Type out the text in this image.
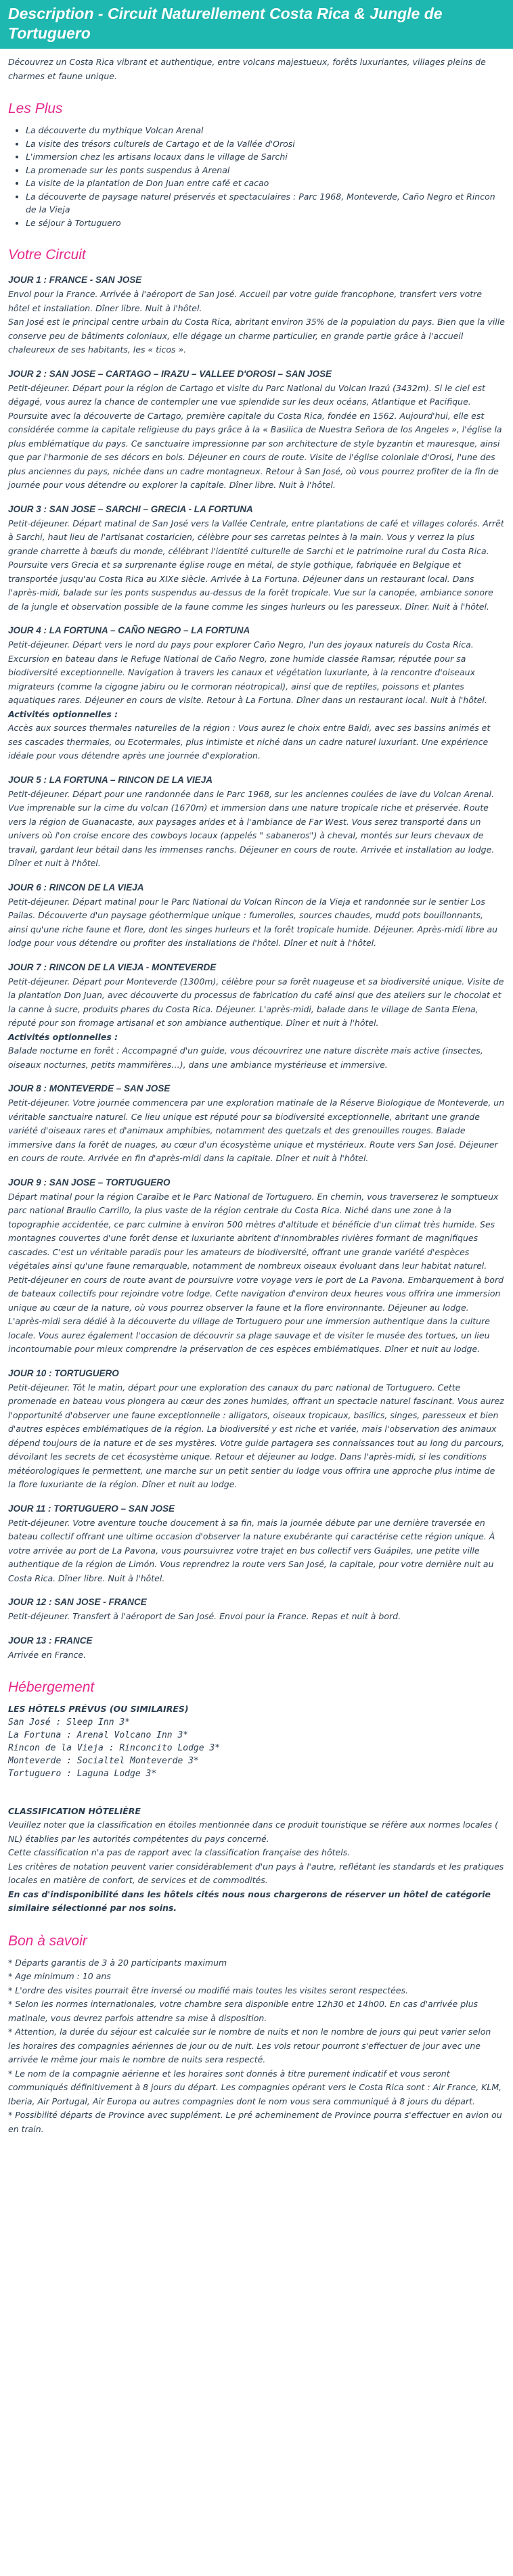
Description - Circuit Naturellement Costa Rica & Jungle de Tortuguero

Découvrez un Costa Rica vibrant et authentique, entre volcans majestueux, forêts luxuriantes, villages pleins de charmes et faune unique.

Les Plus
• La découverte du mythique Volcan Arenal
• La visite des trésors culturels de Cartago et de la Vallée d'Orosi
• L'immersion chez les artisans locaux dans le village de Sarchi
• La promenade sur les ponts suspendus à Arenal
• La visite de la plantation de Don Juan entre café et cacao
• La découverte de paysage naturel préservés et spectaculaires : Parc 1968, Monteverde, Caño Negro et Rincon de la Vieja
• Le séjour à Tortuguero
Votre Circuit
JOUR 1 : FRANCE - SAN JOSE

Envol pour la France. Arrivée à l'aéroport de San José. Accueil par votre guide francophone, transfert vers votre hôtel et installation. Dîner libre. Nuit à l'hôtel.

San José est le principal centre urbain du Costa Rica, abritant environ 35% de la population du pays. Bien que la ville conserve peu de bâtiments coloniaux, elle dégage un charme particulier, en grande partie grâce à l'accueil chaleureux de ses habitants, les « ticos ».

JOUR 2 : SAN JOSE – CARTAGO – IRAZU – VALLEE D'OROSI – SAN JOSE

Petit-déjeuner. Départ pour la région de Cartago et visite du Parc National du Volcan Irazú (3432m). Si le ciel est dégagé, vous aurez la chance de contempler une vue splendide sur les deux océans, Atlantique et Pacifique. Poursuite avec la découverte de Cartago, première capitale du Costa Rica, fondée en 1562. Aujourd'hui, elle est considérée comme la capitale religieuse du pays grâce à la « Basilica de Nuestra Señora de los Angeles », l'église la plus emblématique du pays. Ce sanctuaire impressionne par son architecture de style byzantin et mauresque, ainsi que par l'harmonie de ses décors en bois. Déjeuner en cours de route. Visite de l'église coloniale d'Orosi, l'une des plus anciennes du pays, nichée dans un cadre montagneux. Retour à San José, où vous pourrez profiter de la fin de journée pour vous détendre ou explorer la capitale. Dîner libre. Nuit à l'hôtel.

JOUR 3 : SAN JOSE – SARCHI – GRECIA - LA FORTUNA

Petit-déjeuner. Départ matinal de San José vers la Vallée Centrale, entre plantations de café et villages colorés. Arrêt à Sarchi, haut lieu de l'artisanat costaricien, célèbre pour ses carretas peintes à la main. Vous y verrez la plus grande charrette à bœufs du monde, célébrant l'identité culturelle de Sarchi et le patrimoine rural du Costa Rica. Poursuite vers Grecia et sa surprenante église rouge en métal, de style gothique, fabriquée en Belgique et transportée jusqu'au Costa Rica au XIXe siècle. Arrivée à La Fortuna. Déjeuner dans un restaurant local. Dans l'après-midi, balade sur les ponts suspendus au-dessus de la forêt tropicale. Vue sur la canopée, ambiance sonore de la jungle et observation possible de la faune comme les singes hurleurs ou les paresseux. Dîner. Nuit à l'hôtel.

JOUR 4 : LA FORTUNA – CAÑO NEGRO – LA FORTUNA

Petit-déjeuner. Départ vers le nord du pays pour explorer Caño Negro, l'un des joyaux naturels du Costa Rica. Excursion en bateau dans le Refuge National de Caño Negro, zone humide classée Ramsar, réputée pour sa biodiversité exceptionnelle. Navigation à travers les canaux et végétation luxuriante, à la rencontre d'oiseaux migrateurs (comme la cigogne jabiru ou le cormoran néotropical), ainsi que de reptiles, poissons et plantes aquatiques rares. Déjeuner en cours de visite. Retour à La Fortuna. Dîner dans un restaurant local. Nuit à l'hôtel.

Activités optionnelles :

Accès aux sources thermales naturelles de la région : Vous aurez le choix entre Baldi, avec ses bassins animés et ses cascades thermales, ou Ecotermales, plus intimiste et niché dans un cadre naturel luxuriant. Une expérience idéale pour vous détendre après une journée d'exploration.

JOUR 5 : LA FORTUNA – RINCON DE LA VIEJA

Petit-déjeuner. Départ pour une randonnée dans le Parc 1968, sur les anciennes coulées de lave du Volcan Arenal. Vue imprenable sur la cime du volcan (1670m) et immersion dans une nature tropicale riche et préservée. Route vers la région de Guanacaste, aux paysages arides et à l'ambiance de Far West. Vous serez transporté dans un univers où l'on croise encore des cowboys locaux (appelés " sabaneros") à cheval, montés sur leurs chevaux de travail, gardant leur bétail dans les immenses ranchs. Déjeuner en cours de route. Arrivée et installation au lodge. Dîner et nuit à l'hôtel.

JOUR 6 : RINCON DE LA VIEJA

Petit-déjeuner. Départ matinal pour le Parc National du Volcan Rincon de la Vieja et randonnée sur le sentier Los Pailas. Découverte d'un paysage géothermique unique : fumerolles, sources chaudes, mudd pots bouillonnants, ainsi qu'une riche faune et flore, dont les singes hurleurs et la forêt tropicale humide. Déjeuner. Après-midi libre au lodge pour vous détendre ou profiter des installations de l'hôtel. Dîner et nuit à l'hôtel.

JOUR 7 : RINCON DE LA VIEJA - MONTEVERDE

Petit-déjeuner. Départ pour Monteverde (1300m), célèbre pour sa forêt nuageuse et sa biodiversité unique. Visite de la plantation Don Juan, avec découverte du processus de fabrication du café ainsi que des ateliers sur le chocolat et la canne à sucre, produits phares du Costa Rica. Déjeuner. L'après-midi, balade dans le village de Santa Elena, réputé pour son fromage artisanal et son ambiance authentique. Dîner et nuit à l'hôtel.

Activités optionnelles :

Balade nocturne en forêt : Accompagné d'un guide, vous découvrirez une nature discrète mais active (insectes, oiseaux nocturnes, petits mammifères…), dans une ambiance mystérieuse et immersive.

JOUR 8 : MONTEVERDE – SAN JOSE

Petit-déjeuner. Votre journée commencera par une exploration matinale de la Réserve Biologique de Monteverde, un véritable sanctuaire naturel. Ce lieu unique est réputé pour sa biodiversité exceptionnelle, abritant une grande variété d'oiseaux rares et d'animaux amphibies, notamment des quetzals et des grenouilles rouges. Balade immersive dans la forêt de nuages, au cœur d'un écosystème unique et mystérieux. Route vers San José. Déjeuner en cours de route. Arrivée en fin d'après-midi dans la capitale. Dîner et nuit à l'hôtel.

JOUR 9 : SAN JOSE – TORTUGUERO

Départ matinal pour la région Caraïbe et le Parc National de Tortuguero. En chemin, vous traverserez le somptueux parc national Braulio Carrillo, la plus vaste de la région centrale du Costa Rica. Niché dans une zone à la topographie accidentée, ce parc culmine à environ 500 mètres d'altitude et bénéficie d'un climat très humide. Ses montagnes couvertes d'une forêt dense et luxuriante abritent d'innombrables rivières formant de magnifiques cascades. C'est un véritable paradis pour les amateurs de biodiversité, offrant une grande variété d'espèces végétales ainsi qu'une faune remarquable, notamment de nombreux oiseaux évoluant dans leur habitat naturel.

Petit-déjeuner en cours de route avant de poursuivre votre voyage vers le port de La Pavona. Embarquement à bord de bateaux collectifs pour rejoindre votre lodge. Cette navigation d'environ deux heures vous offrira une immersion unique au cœur de la nature, où vous pourrez observer la faune et la flore environnante. Déjeuner au lodge. L'après-midi sera dédié à la découverte du village de Tortuguero pour une immersion authentique dans la culture locale. Vous aurez également l'occasion de découvrir sa plage sauvage et de visiter le musée des tortues, un lieu incontournable pour mieux comprendre la préservation de ces espèces emblématiques. Dîner et nuit au lodge.

JOUR 10 : TORTUGUERO

Petit-déjeuner. Tôt le matin, départ pour une exploration des canaux du parc national de Tortuguero. Cette promenade en bateau vous plongera au cœur des zones humides, offrant un spectacle naturel fascinant. Vous aurez l'opportunité d'observer une faune exceptionnelle : alligators, oiseaux tropicaux, basilics, singes, paresseux et bien d'autres espèces emblématiques de la région. La biodiversité y est riche et variée, mais l'observation des animaux dépend toujours de la nature et de ses mystères. Votre guide partagera ses connaissances tout au long du parcours, dévoilant les secrets de cet écosystème unique. Retour et déjeuner au lodge. Dans l'après-midi, si les conditions météorologiques le permettent, une marche sur un petit sentier du lodge vous offrira une approche plus intime de la flore luxuriante de la région. Dîner et nuit au lodge.

JOUR 11 : TORTUGUERO – SAN JOSE

Petit-déjeuner. Votre aventure touche doucement à sa fin, mais la journée débute par une dernière traversée en bateau collectif offrant une ultime occasion d'observer la nature exubérante qui caractérise cette région unique. À votre arrivée au port de La Pavona, vous poursuivrez votre trajet en bus collectif vers Guápiles, une petite ville authentique de la région de Limón. Vous reprendrez la route vers San José, la capitale, pour votre dernière nuit au Costa Rica. Dîner libre. Nuit à l'hôtel.

JOUR 12 : SAN JOSE - FRANCE

Petit-déjeuner. Transfert à l'aéroport de San José. Envol pour la France. Repas et nuit à bord.

JOUR 13 : FRANCE

Arrivée en France.

Hébergement
LES HÔTELS PRÉVUS (OU SIMILAIRES)
San José : Sleep Inn 3*
La Fortuna : Arenal Volcano Inn 3*
Rincon de la Vieja : Rinconcito Lodge 3*
Monteverde : Socialtel Monteverde 3*
Tortuguero : Laguna Lodge 3*
CLASSIFICATION HÔTELIÈRE

Veuillez noter que la classification en étoiles mentionnée dans ce produit touristique se réfère aux normes locales ( NL) établies par les autorités compétentes du pays concerné.

Cette classification n'a pas de rapport avec la classification française des hôtels.

Les critères de notation peuvent varier considérablement d'un pays à l'autre, reflétant les standards et les pratiques locales en matière de confort, de services et de commodités.

En cas d'indisponibilité dans les hôtels cités nous nous chargerons de réserver un hôtel de catégorie similaire sélectionné par nos soins.

Bon à savoir

* Départs garantis de 3 à 20 participants maximum

* Age minimum : 10 ans

* L'ordre des visites pourrait être inversé ou modifié mais toutes les visites seront respectées.

* Selon les normes internationales, votre chambre sera disponible entre 12h30 et 14h00. En cas d'arrivée plus matinale, vous devrez parfois attendre sa mise à disposition.

* Attention, la durée du séjour est calculée sur le nombre de nuits et non le nombre de jours qui peut varier selon les horaires des compagnies aériennes de jour ou de nuit. Les vols retour pourront s'effectuer de jour avec une arrivée le même jour mais le nombre de nuits sera respecté.

* Le nom de la compagnie aérienne et les horaires sont donnés à titre purement indicatif et vous seront communiqués définitivement à 8 jours du départ. Les compagnies opérant vers le Costa Rica sont : Air France, KLM, Iberia, Air Portugal, Air Europa ou autres compagnies dont le nom vous sera communiqué à 8 jours du départ.

* Possibilité départs de Province avec supplément. Le pré acheminement de Province pourra s'effectuer en avion ou en train.
